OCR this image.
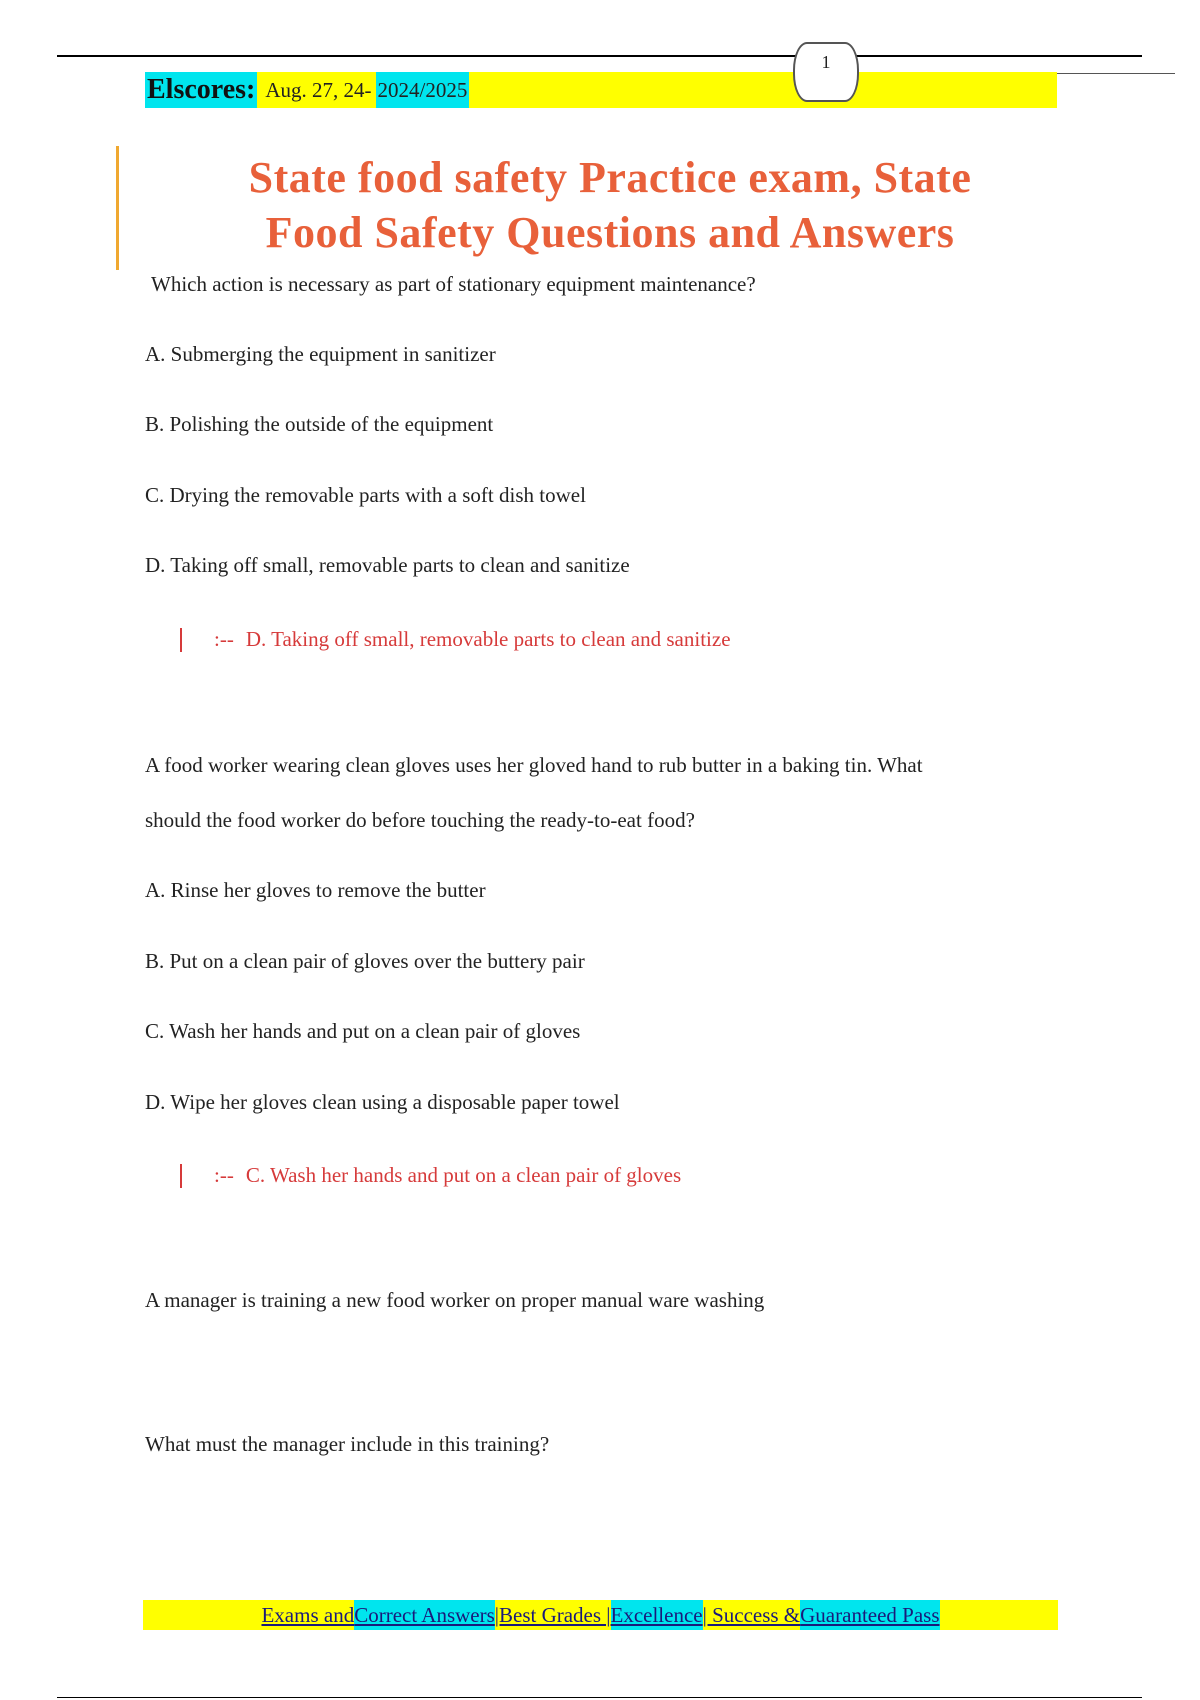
Elscores: Aug. 27, 24- 2024/2025
1
State food safety Practice exam, State
Food Safety Questions and Answers
Which action is necessary as part of stationary equipment maintenance?
A. Submerging the equipment in sanitizer
B. Polishing the outside of the equipment
C. Drying the removable parts with a soft dish towel
D. Taking off small, removable parts to clean and sanitize
:-- D. Taking off small, removable parts to clean and sanitize
A food worker wearing clean gloves uses her gloved hand to rub butter in a baking tin. What
should the food worker do before touching the ready-to-eat food?
A. Rinse her gloves to remove the butter
B. Put on a clean pair of gloves over the buttery pair
C. Wash her hands and put on a clean pair of gloves
D. Wipe her gloves clean using a disposable paper towel
:-- C. Wash her hands and put on a clean pair of gloves
A manager is training a new food worker on proper manual ware washing
What must the manager include in this training?
Exams and Correct Answers |Best Grades | Excellence | Success & Guaranteed Pass
